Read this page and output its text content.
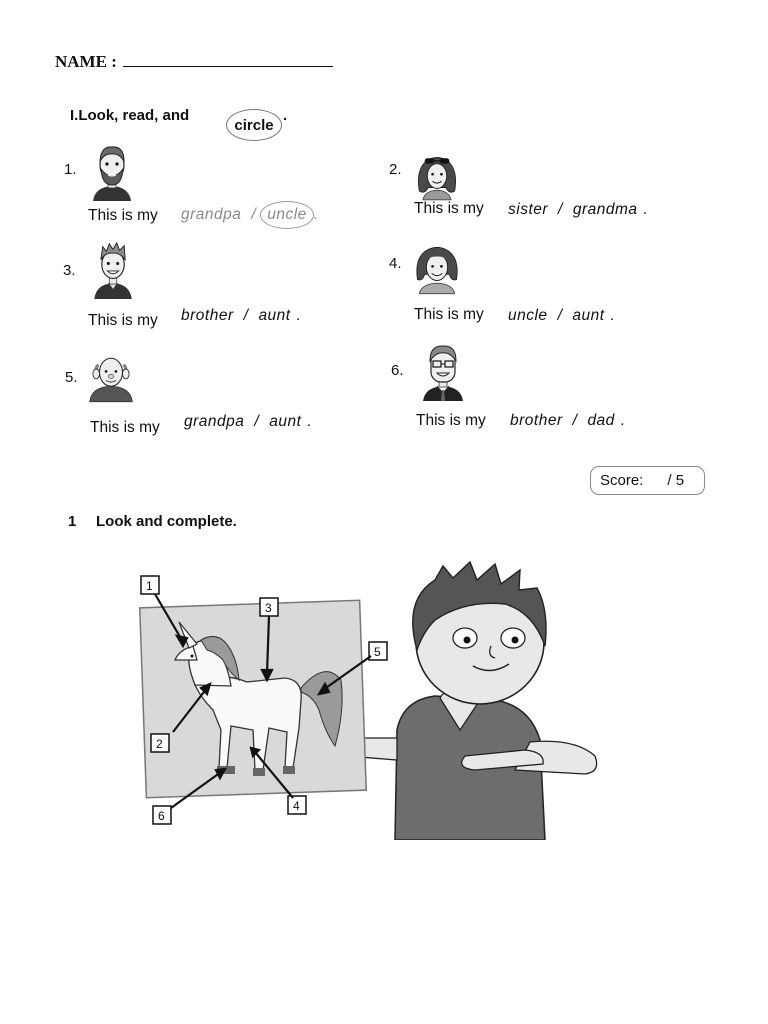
NAME :
I.Look, read, and
circle
.
1.
This is my grandpa / uncle .
2.
This is my sister / grandma .
3.
This is my brother / aunt .
4.
This is my uncle / aunt .
5.
This is my grandpa / aunt .
6.
This is my brother / dad .
Score: / 5
1 Look and complete.
1
2
3
4
5
6
